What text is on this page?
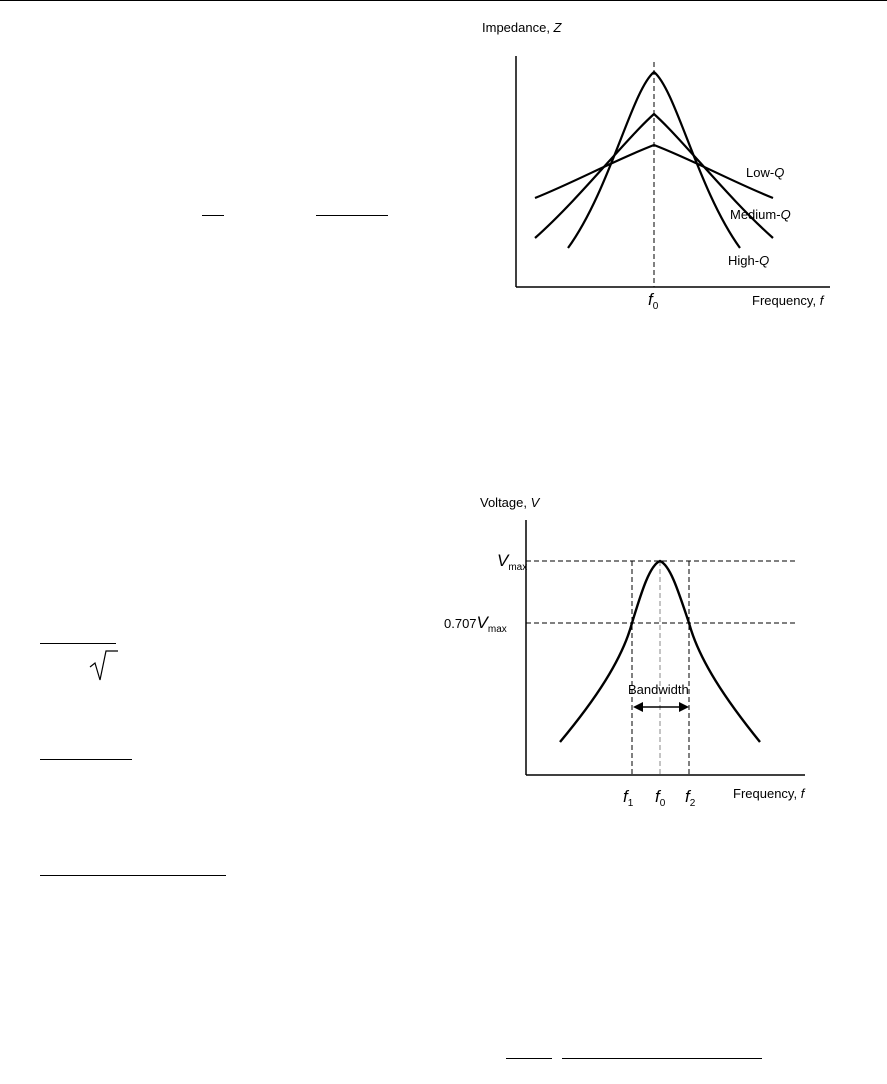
Impedance, Z
Low-Q
Medium-Q
High-Q
$f_0$	Frequency, f
Voltage, V
Bandwidth
$V_{max}$
$0.707V_{max}$
$f_1$ $f_0$ $f_2$
Frequency, f
